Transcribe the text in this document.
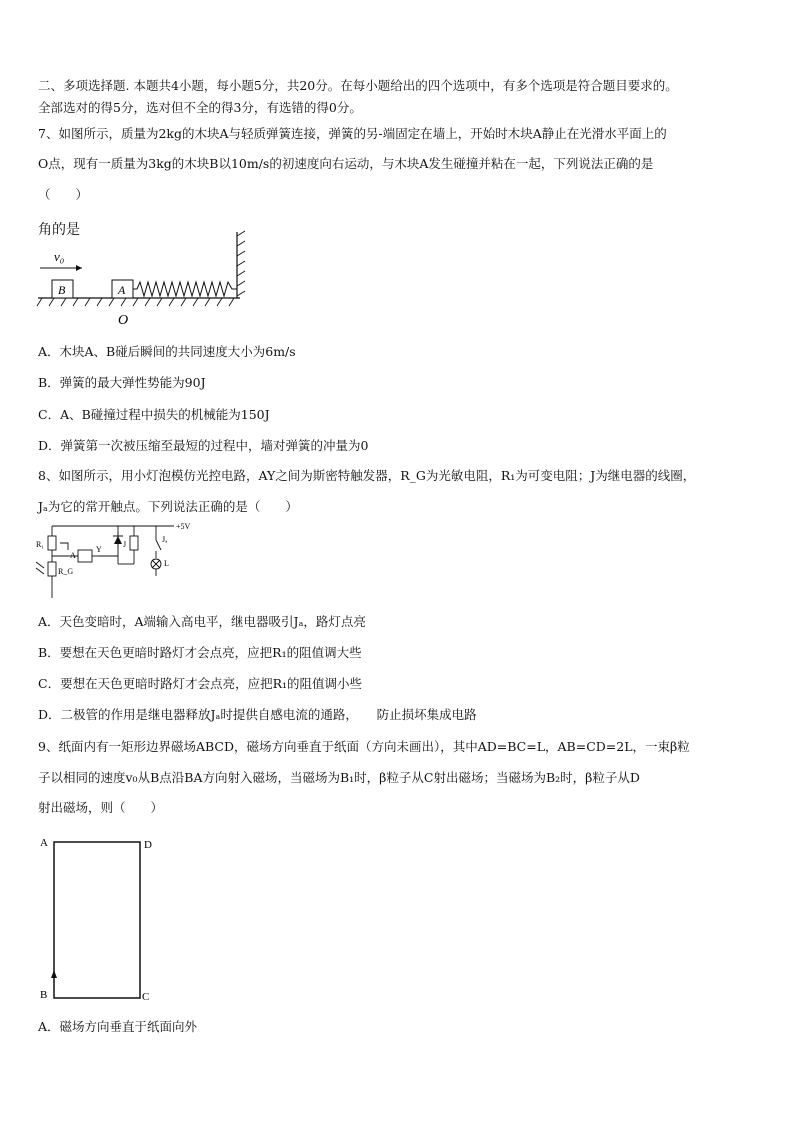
二、多项选择题. 本题共4小题，每小题5分，共20分。在每小题给出的四个选项中，有多个选项是符合题目要求的。
全部选对的得5分，选对但不全的得3分，有选错的得0分。
7、如图所示，质量为2kg的木块A与轻质弹簧连接，弹簧的另-端固定在墙上，开始时木块A静止在光滑水平面上的
O点，现有一质量为3kg的木块B以10m/s的初速度向右运动，与木块A发生碰撞并粘在一起，下列说法正确的是
（　　）
角的是
v₀
B	A
O
A．木块A、B碰后瞬间的共同速度大小为6m/s
B．弹簧的最大弹性势能为90J
C．A、B碰撞过程中损失的机械能为150J
D．弹簧第一次被压缩至最短的过程中，墙对弹簧的冲量为0
8、如图所示，用小灯泡模仿光控电路，AY之间为斯密特触发器，R_G为光敏电阻，R₁为可变电阻；J为继电器的线圈，
Jₐ为它的常开触点。下列说法正确的是（　　）
+5V
R₁
R_G
A
Y
J
Jₐ
L
A．天色变暗时，A端输入高电平，继电器吸引Jₐ，路灯点亮
B．要想在天色更暗时路灯才会点亮，应把R₁的阻值调大些
C．要想在天色更暗时路灯才会点亮，应把R₁的阻值调小些
D．二极管的作用是继电器释放Jₐ时提供自感电流的通路，　　防止损坏集成电路
9、纸面内有一矩形边界磁场ABCD，磁场方向垂直于纸面（方向未画出），其中AD=BC=L，AB=CD=2L，一束β粒
子以相同的速度v₀从B点沿BA方向射入磁场，当磁场为B₁时，β粒子从C射出磁场；当磁场为B₂时，β粒子从D
射出磁场，则（　　）
A	D
B	C
A．磁场方向垂直于纸面向外
